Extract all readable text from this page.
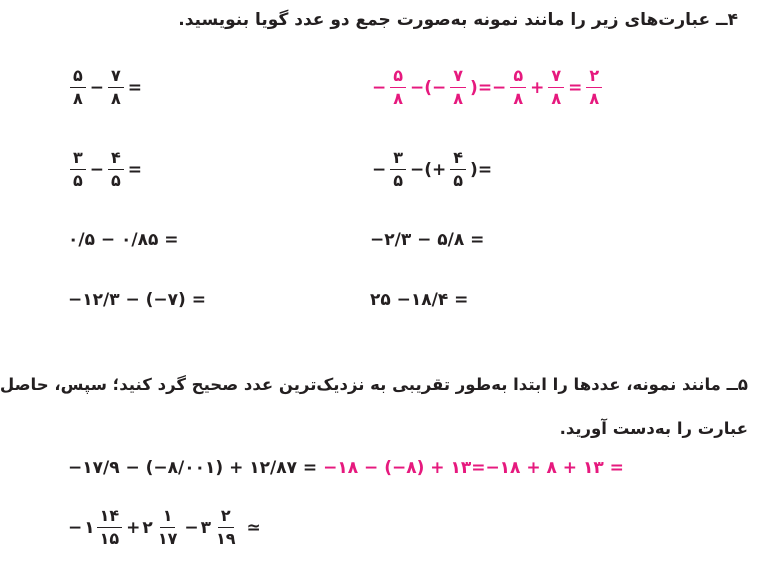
۴ــ عبارت‌های زیر را مانند نمونه به‌صورت جمع دو عدد گویا بنویسید.
$\frac{۵}{۸} - \frac{۷}{۸}$ =	− $\frac{۵}{۸}$ −(− $\frac{۷}{۸}$ )=− $\frac{۵}{۸} + \frac{۷}{۸} = \frac{۲}{۸}$
$\frac{۳}{۵} - \frac{۴}{۵}$ =	− $\frac{۳}{۵}$ −(+ $\frac{۴}{۵}$ )=
۰/۵ − ۰/۸۵ =	−۲/۳ − ۵/۸ =
−۱۲/۳ − (−۷) =	۲۵ −۱۸/۴ =
۵ــ مانند نمونه، عددها را ابتدا به‌طور تقریبی به نزدیک‌ترین عدد صحیح گرد کنید؛ سپس، حاصل
عبارت را به‌دست آورید.
−۱۷/۹ − (−۸/۰۰۱) + ۱۲/۸۷ = −۱۸ − (−۸) + ۱۳=−۱۸ + ۸ + ۱۳ =
− ۱ $\frac{۱۴}{۱۵}$ + ۲ $\frac{۱}{۱۷}$ − ۳ $\frac{۲}{۱۹}$ ≃
